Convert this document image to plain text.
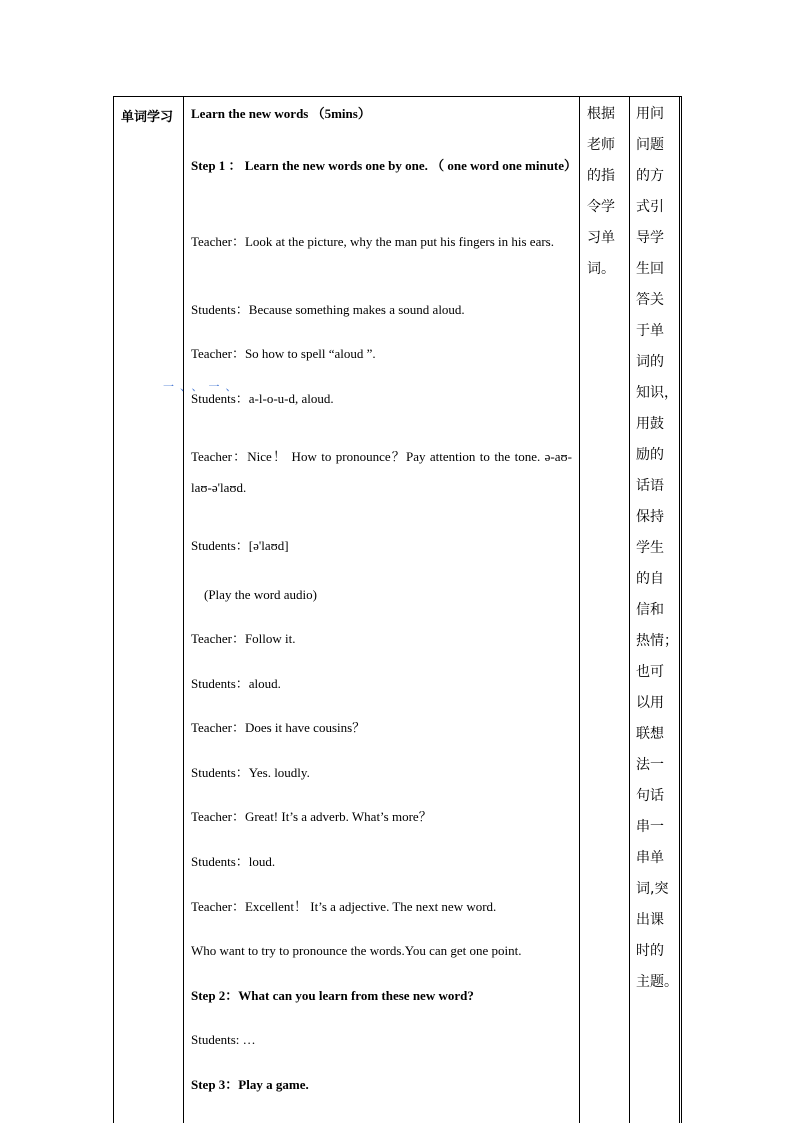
单词学习 Learn the new words （5mins）

Step 1 ： Learn the new words one by one. （ one word one minute）

Teacher：Look at the picture, why the man put his fingers in his ears.

Students：Because something makes a sound aloud.

Teacher：So how to spell “aloud ”.

Students：a-l-o-u-d, aloud.

Teacher：Nice！ How to pronounce？Pay attention to the tone. ə-aʊ-laʊ-ə'laʊd.

Students：[ə'laʊd]

(Play the word audio)

Teacher：Follow it.

Students：aloud.

Teacher：Does it have cousins？

Students：Yes. loudly.

Teacher：Great! It’s a adverb. What’s more？

Students：loud.

Teacher：Excellent！ It’s a adjective. The next new word.

Who want to try to pronounce the words.You can get one point.

Step 2：What can you learn from these new word?

Students: …

Step 3：Play a game.

根据
老师
的指
令学
习单
词。
用问
问题
的方
式引
导学
生回
答关
于单
词的
知识，
用鼓
励的
话语
保持
学生
的自
信和
热情；
也可
以用
联想
法一
句话
串一
串单
词,突
出课
时的
主题。
一、、一、
